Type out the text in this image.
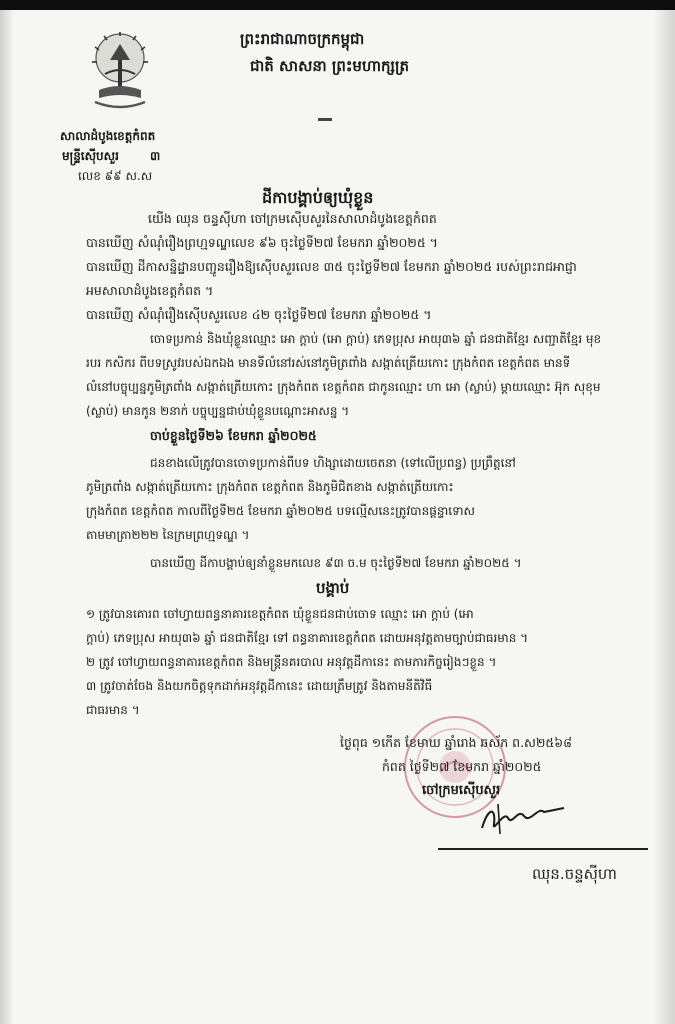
ព្រះរាជាណាចក្រកម្ពុជា
ជាតិ សាសនា ព្រះមហាក្សត្រ
សាលាដំបូងខេត្តកំពត
មន្ទ្រីស៊ើបសួរ	៣
លេខ ៩៩ ស.ស
ដីកាបង្គាប់ឲ្យឃុំខ្លួន
យើង ឈុន ចន្ទស៊ីហា ចៅក្រមស៊ើបសួរនៃសាលាដំបូងខេត្តកំពត
បានឃើញ សំណុំរឿងព្រហ្មទណ្ឌលេខ ៩៦ ចុះថ្ងៃទី២៧ ខែមករា ឆ្នាំ២០២៥ ។
បានឃើញ ដីកាសន្និដ្ឋានបញ្ជូនរឿងឱ្យស៊ើបសួរលេខ ៣៥ ចុះថ្ងៃទី២៧ ខែមករា ឆ្នាំ២០២៥ របស់ព្រះរាជអាជ្ញា
អមសាលាដំបូងខេត្តកំពត ។
បានឃើញ សំណុំរឿងស៊ើបសួរលេខ ៤២ ចុះថ្ងៃទី២៧ ខែមករា ឆ្នាំ២០២៥ ។
ចោទប្រកាន់ និងឃុំខ្លួនឈ្មោះ អោ ក្ដាប់ (អោ ក្ដាប់) ភេទប្រុស អាយុ៣៦ ឆ្នាំ ជនជាតិខ្មែរ សញ្ជាតិខ្មែរ មុខ
របរ កសិករ ពីបទស្រូវរបស់ឯកឯង មានទីលំនៅរស់នៅភូមិត្រពាំង សង្កាត់ត្រើយកោះ ក្រុងកំពត ខេត្តកំពត មានទី
លំនៅបច្ចុប្បន្នភូមិត្រពាំង សង្កាត់ត្រើយកោះ ក្រុងកំពត ខេត្តកំពត ជាកូនឈ្មោះ ហា អោ (ស្លាប់) ម្ដាយឈ្មោះ អ៊ុក សុខុម
(ស្លាប់) មានកូន ២នាក់ បច្ចុប្បន្នជាប់ឃុំខ្លួនបណ្ដោះអាសន្ន ។
ចាប់ខ្លួនថ្ងៃទី២៦ ខែមករា ឆ្នាំ២០២៥
ជនខាងលើត្រូវបានចោទប្រកាន់ពីបទ ហិង្សាដោយចេតនា (ទៅលើប្រពន្ធ) ប្រព្រឹត្តនៅ
ភូមិត្រពាំង សង្កាត់ត្រើយកោះ ក្រុងកំពត ខេត្តកំពត និងភូមិជិតខាង សង្កាត់ត្រើយកោះ
ក្រុងកំពត ខេត្តកំពត កាលពីថ្ងៃទី២៥ ខែមករា ឆ្នាំ២០២៥ បទល្មើសនេះត្រូវបានផ្ដន្ទាទោស
តាមមាត្រា២២២ នៃក្រមព្រហ្មទណ្ឌ ។
បានឃើញ ដីកាបង្គាប់ឲ្យនាំខ្លួនមកលេខ ៩៣ ច.ម ចុះថ្ងៃទី២៧ ខែមករា ឆ្នាំ២០២៥ ។
បង្គាប់
១ ត្រូវបានគោរព ចៅហ្វាយពន្ធនាគារខេត្តកំពត ឃុំខ្លួនជនជាប់ចោទ ឈ្មោះ អោ ក្ដាប់ (អោ
ក្ដាប់) ភេទប្រុស អាយុ៣៦ ឆ្នាំ ជនជាតិខ្មែរ ទៅ ពន្ធនាគារខេត្តកំពត ដោយអនុវត្តតាមច្បាប់ជាធរមាន ។
២ ត្រូវ ចៅហ្វាយពន្ធនាគារខេត្តកំពត និងមន្ត្រីនគរបាល អនុវត្តដីកានេះ តាមភារកិច្ចរៀងៗខ្លួន ។
៣ ត្រូវចាត់ចែង និងយកចិត្តទុកដាក់អនុវត្តដីកានេះ ដោយត្រឹមត្រូវ និងតាមនីតិវិធី
ជាធរមាន ។
ថ្ងៃពុធ ១កើត ខែមាឃ ឆ្នាំរោង ឆស័ក ព.ស២៥៦៨
កំពត ថ្ងៃទី២៧ ខែមករា ឆ្នាំ២០២៥
ចៅក្រមស៊ើបសួរ
ឈុន.ចន្ទស៊ីហា
